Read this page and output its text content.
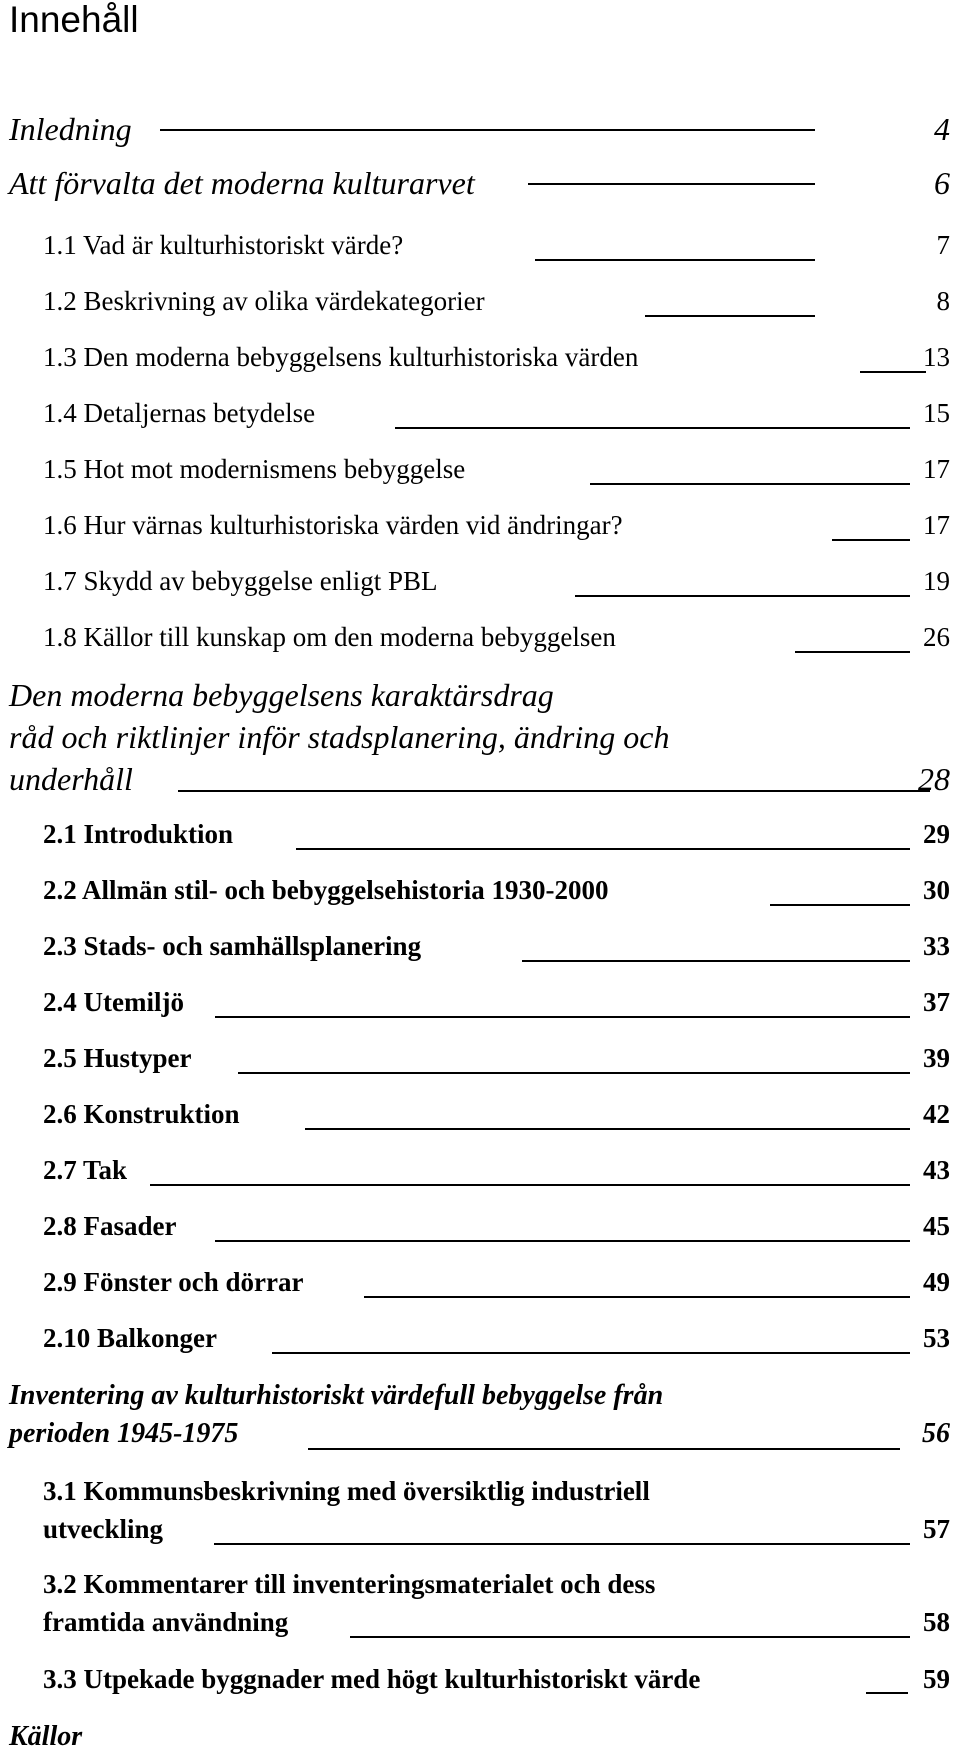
Innehåll
Inledning	4
Att förvalta det moderna kulturarvet	6
1.1 Vad är kulturhistoriskt värde?	7
1.2 Beskrivning av olika värdekategorier	8
1.3 Den moderna bebyggelsens kulturhistoriska värden	13
1.4 Detaljernas betydelse	15
1.5 Hot mot modernismens bebyggelse	17
1.6 Hur värnas kulturhistoriska värden vid ändringar?	17
1.7 Skydd av bebyggelse enligt PBL	19
1.8 Källor till kunskap om den moderna bebyggelsen	26
Den moderna bebyggelsens karaktärsdrag
råd och riktlinjer inför stadsplanering, ändring och
underhåll	28
2.1 Introduktion	29
2.2 Allmän stil- och bebyggelsehistoria 1930-2000	30
2.3 Stads- och samhällsplanering	33
2.4 Utemiljö	37
2.5 Hustyper	39
2.6 Konstruktion	42
2.7 Tak	43
2.8 Fasader	45
2.9 Fönster och dörrar	49
2.10 Balkonger	53
Inventering av kulturhistoriskt värdefull bebyggelse från
perioden 1945-1975	56
3.1 Kommunsbeskrivning med översiktlig industriell
utveckling	57
3.2 Kommentarer till inventeringsmaterialet och dess
framtida användning	58
3.3 Utpekade byggnader med högt kulturhistoriskt värde	59
Källor
